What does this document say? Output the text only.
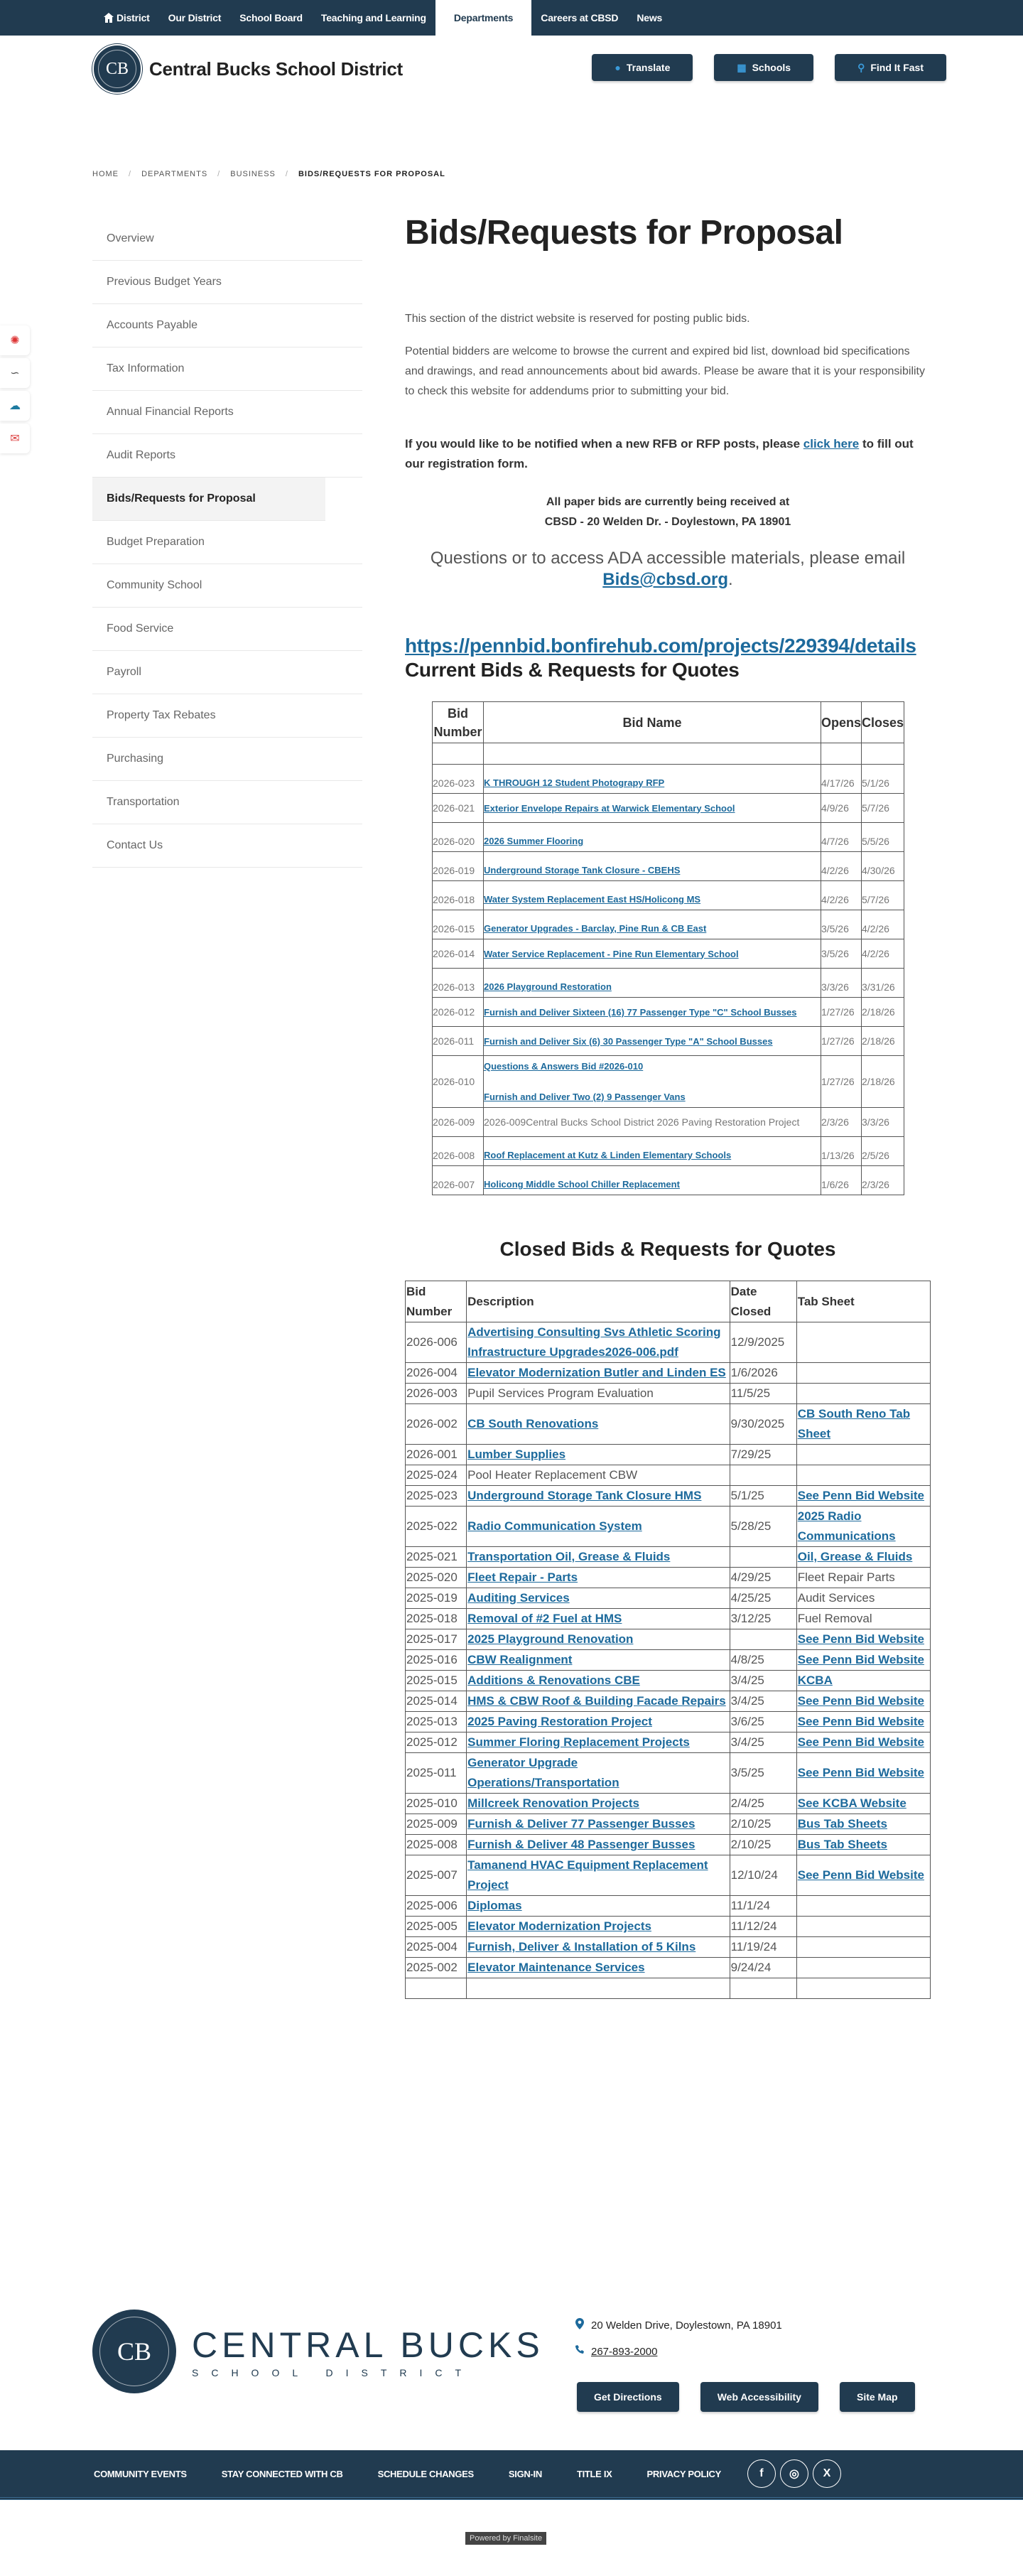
District Our District School Board Teaching and Learning	Departments	Careers at CBSD News
CB	Central Bucks School District	● Translate	▦ Schools	⚲ Find It Fast
HOME / DEPARTMENTS / BUSINESS / BIDS/REQUESTS FOR PROPOSAL
✺
∽
☁
✉
Overview
Previous Budget Years
Accounts Payable
Tax Information
Annual Financial Reports
Audit Reports
Bids/Requests for Proposal
Budget Preparation
Community School
Food Service
Payroll
Property Tax Rebates
Purchasing
Transportation
Contact Us
Bids/Requests for Proposal

This section of the district website is reserved for posting public bids.

Potential bidders are welcome to browse the current and expired bid list, download bid specifications and drawings, and read announcements about bid awards. Please be aware that it is your responsibility to check this website for addendums prior to submitting your bid.

If you would like to be notified when a new RFB or RFP posts, please click here to fill out our registration form.

All paper bids are currently being received at
CBSD - 20 Welden Dr. - Doylestown, PA 18901

Questions or to access ADA accessible materials, please email Bids@cbsd.org.

https://pennbid.bonfirehub.com/projects/229394/details
Current Bids & Requests for Quotes
Bid Number	Bid Name	Opens	Closes

2026-023	K THROUGH 12 Student Photograpy RFP	4/17/26	5/1/26
2026-021	Exterior Envelope Repairs at Warwick Elementary School	4/9/26	5/7/26
2026-020	2026 Summer Flooring	4/7/26	5/5/26
2026-019	Underground Storage Tank Closure - CBEHS	4/2/26	4/30/26
2026-018	Water System Replacement East HS/Holicong MS	4/2/26	5/7/26
2026-015	Generator Upgrades - Barclay, Pine Run & CB East	3/5/26	4/2/26
2026-014	Water Service Replacement - Pine Run Elementary School	3/5/26	4/2/26
2026-013	2026 Playground Restoration	3/3/26	3/31/26
2026-012	Furnish and Deliver Sixteen (16) 77 Passenger Type "C" School Busses	1/27/26	2/18/26
2026-011	Furnish and Deliver Six (6) 30 Passenger Type "A" School Busses	1/27/26	2/18/26
2026-010	Questions & Answers Bid #2026-010
Furnish and Deliver Two (2) 9 Passenger Vans	1/27/26	2/18/26
2026-009	2026-009Central Bucks School District 2026 Paving Restoration Project	2/3/26	3/3/26
2026-008	Roof Replacement at Kutz & Linden Elementary Schools	1/13/26	2/5/26
2026-007	Holicong Middle School Chiller Replacement	1/6/26	2/3/26
Closed Bids & Requests for Quotes
Bid Number	Description	Date Closed	Tab Sheet
2026-006	Advertising Consulting Svs Athletic Scoring Infrastructure Upgrades2026-006.pdf	12/9/2025	
2026-004	Elevator Modernization Butler and Linden ES	1/6/2026	
2026-003	Pupil Services Program Evaluation	11/5/25	
2026-002	CB South Renovations	9/30/2025	CB South Reno Tab Sheet
2026-001	Lumber Supplies	7/29/25	
2025-024	Pool Heater Replacement CBW		
2025-023	Underground Storage Tank Closure HMS	5/1/25	See Penn Bid Website
2025-022	Radio Communication System	5/28/25	2025 Radio Communications
2025-021	Transportation Oil, Grease & Fluids		Oil, Grease & Fluids
2025-020	Fleet Repair - Parts	4/29/25	Fleet Repair Parts
2025-019	Auditing Services	4/25/25	Audit Services
2025-018	Removal of #2 Fuel at HMS	3/12/25	Fuel Removal
2025-017	2025 Playground Renovation		See Penn Bid Website
2025-016	CBW Realignment	4/8/25	See Penn Bid Website
2025-015	Additions & Renovations CBE	3/4/25	KCBA
2025-014	HMS & CBW Roof & Building Facade Repairs	3/4/25	See Penn Bid Website
2025-013	2025 Paving Restoration Project	3/6/25	See Penn Bid Website
2025-012	Summer Floring Replacement Projects	3/4/25	See Penn Bid Website
2025-011	Generator Upgrade Operations/Transportation	3/5/25	See Penn Bid Website
2025-010	Millcreek Renovation Projects	2/4/25	See KCBA Website
2025-009	Furnish & Deliver 77 Passenger Busses	2/10/25	Bus Tab Sheets
2025-008	Furnish & Deliver 48 Passenger Busses	2/10/25	Bus Tab Sheets
2025-007	Tamanend HVAC Equipment Replacement Project	12/10/24	See Penn Bid Website
2025-006	Diplomas	11/1/24	
2025-005	Elevator Modernization Projects	11/12/24	
2025-004	Furnish, Deliver & Installation of 5 Kilns	11/19/24	
2025-002	Elevator Maintenance Services	9/24/24	

CB	CENTRAL BUCKS
SCHOOL DISTRICT
20 Welden Drive, Doylestown, PA 18901
267-893-2000
Get Directions	Web Accessibility	Site Map
COMMUNITY EVENTS	STAY CONNECTED WITH CB	SCHEDULE CHANGES	SIGN-IN	TITLE IX	PRIVACY POLICY	f ◎ X
Powered by Finalsite
